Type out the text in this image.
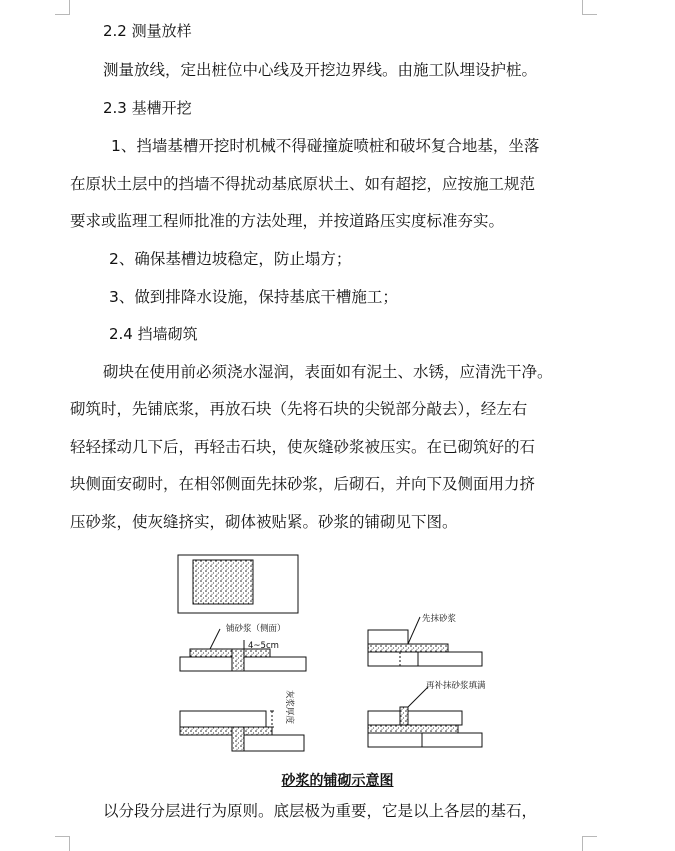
2.2 测量放样
测量放线，定出桩位中心线及开挖边界线。由施工队埋设护桩。
2.3 基槽开挖
1、挡墙基槽开挖时机械不得碰撞旋喷桩和破坏复合地基，坐落
在原状土层中的挡墙不得扰动基底原状土、如有超挖，应按施工规范
要求或监理工程师批准的方法处理，并按道路压实度标准夯实。
2、确保基槽边坡稳定，防止塌方；
3、做到排降水设施，保持基底干槽施工；
2.4 挡墙砌筑
砌块在使用前必须浇水湿润，表面如有泥土、水锈，应清洗干净。
砌筑时，先铺底浆，再放石块（先将石块的尖锐部分敲去），经左右
轻轻揉动几下后，再轻击石块，使灰缝砂浆被压实。在已砌筑好的石
块侧面安砌时，在相邻侧面先抹砂浆，后砌石，并向下及侧面用力挤
压砂浆，使灰缝挤实，砌体被贴紧。砂浆的铺砌见下图。
铺砂浆（侧面）
4~5cm
先抹砂浆
灰浆厚度
再补抹砂浆填满
砂浆的铺砌示意图
以分段分层进行为原则。底层极为重要，它是以上各层的基石，
